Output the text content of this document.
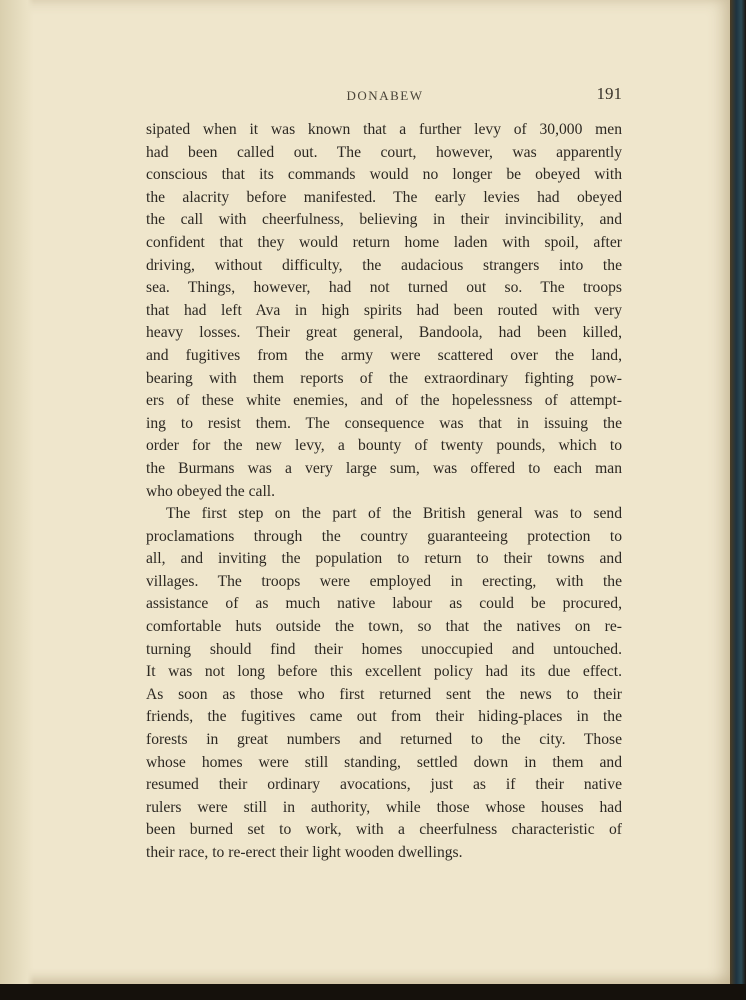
DONABEW	191

sipated when it was known that a further levy of 30,000 men
had been called out. The court, however, was apparently
conscious that its commands would no longer be obeyed with
the alacrity before manifested. The early levies had obeyed
the call with cheerfulness, believing in their invincibility, and
confident that they would return home laden with spoil, after
driving, without difficulty, the audacious strangers into the
sea. Things, however, had not turned out so. The troops
that had left Ava in high spirits had been routed with very
heavy losses. Their great general, Bandoola, had been killed,
and fugitives from the army were scattered over the land,
bearing with them reports of the extraordinary fighting pow-
ers of these white enemies, and of the hopelessness of attempt-
ing to resist them. The consequence was that in issuing the
order for the new levy, a bounty of twenty pounds, which to
the Burmans was a very large sum, was offered to each man
who obeyed the call.

The first step on the part of the British general was to send
proclamations through the country guaranteeing protection to
all, and inviting the population to return to their towns and
villages. The troops were employed in erecting, with the
assistance of as much native labour as could be procured,
comfortable huts outside the town, so that the natives on re-
turning should find their homes unoccupied and untouched.
It was not long before this excellent policy had its due effect.
As soon as those who first returned sent the news to their
friends, the fugitives came out from their hiding-places in the
forests in great numbers and returned to the city. Those
whose homes were still standing, settled down in them and
resumed their ordinary avocations, just as if their native
rulers were still in authority, while those whose houses had
been burned set to work, with a cheerfulness characteristic of
their race, to re-erect their light wooden dwellings.
